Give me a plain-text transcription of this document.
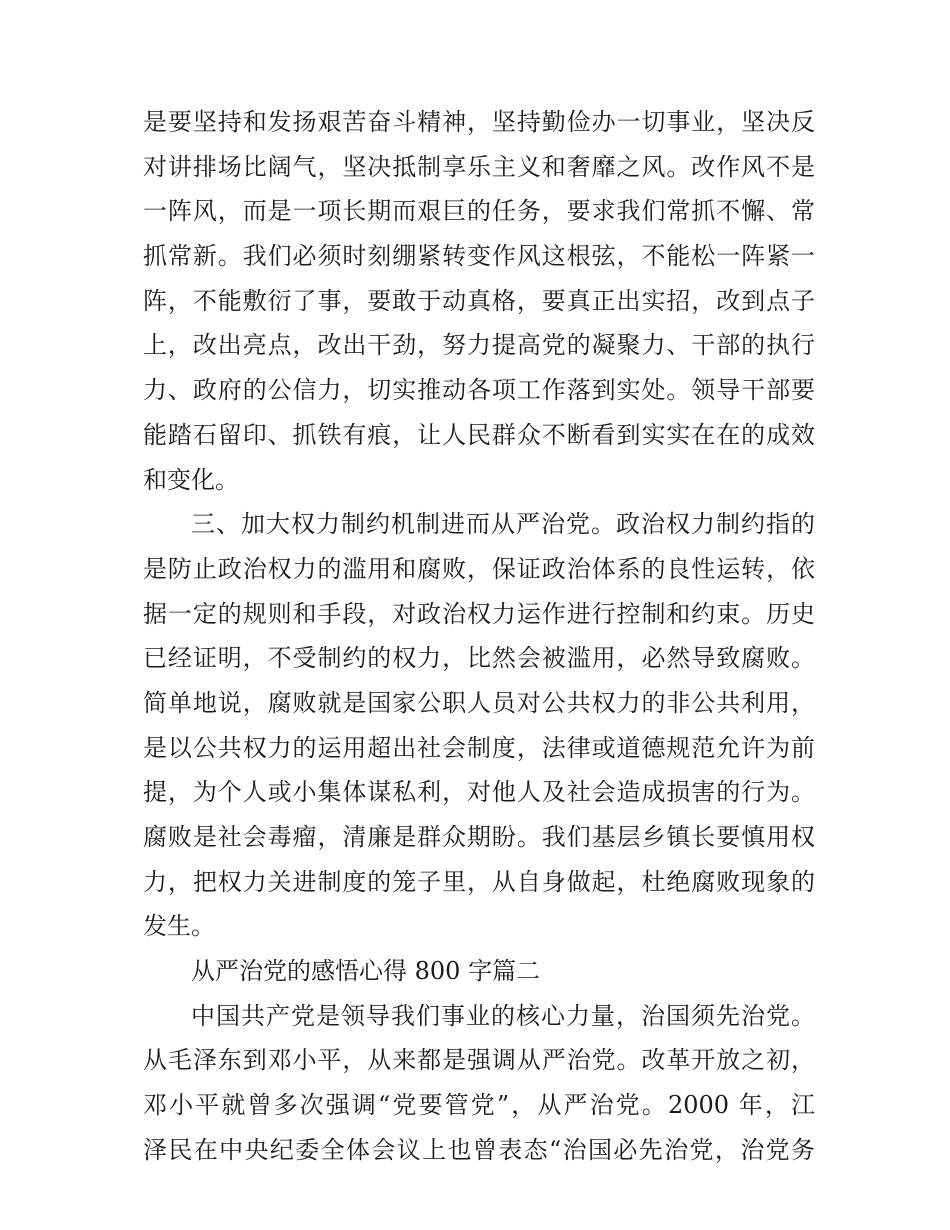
是要坚持和发扬艰苦奋斗精神，坚持勤俭办一切事业，坚决反
对讲排场比阔气，坚决抵制享乐主义和奢靡之风。改作风不是
一阵风，而是一项长期而艰巨的任务，要求我们常抓不懈、常
抓常新。我们必须时刻绷紧转变作风这根弦，不能松一阵紧一
阵，不能敷衍了事，要敢于动真格，要真正出实招，改到点子
上，改出亮点，改出干劲，努力提高党的凝聚力、干部的执行
力、政府的公信力，切实推动各项工作落到实处。领导干部要
能踏石留印、抓铁有痕，让人民群众不断看到实实在在的成效
和变化。
三、加大权力制约机制进而从严治党。政治权力制约指的
是防止政治权力的滥用和腐败，保证政治体系的良性运转，依
据一定的规则和手段，对政治权力运作进行控制和约束。历史
已经证明，不受制约的权力，比然会被滥用，必然导致腐败。
简单地说，腐败就是国家公职人员对公共权力的非公共利用，
是以公共权力的运用超出社会制度，法律或道德规范允许为前
提，为个人或小集体谋私利，对他人及社会造成损害的行为。
腐败是社会毒瘤，清廉是群众期盼。我们基层乡镇长要慎用权
力，把权力关进制度的笼子里，从自身做起，杜绝腐败现象的
发生。
从严治党的感悟心得 800 字篇二
中国共产党是领导我们事业的核心力量，治国须先治党。
从毛泽东到邓小平，从来都是强调从严治党。改革开放之初，
邓小平就曾多次强调“党要管党”，从严治党。2000 年，江
泽民在中央纪委全体会议上也曾表态“治国必先治党，治党务
